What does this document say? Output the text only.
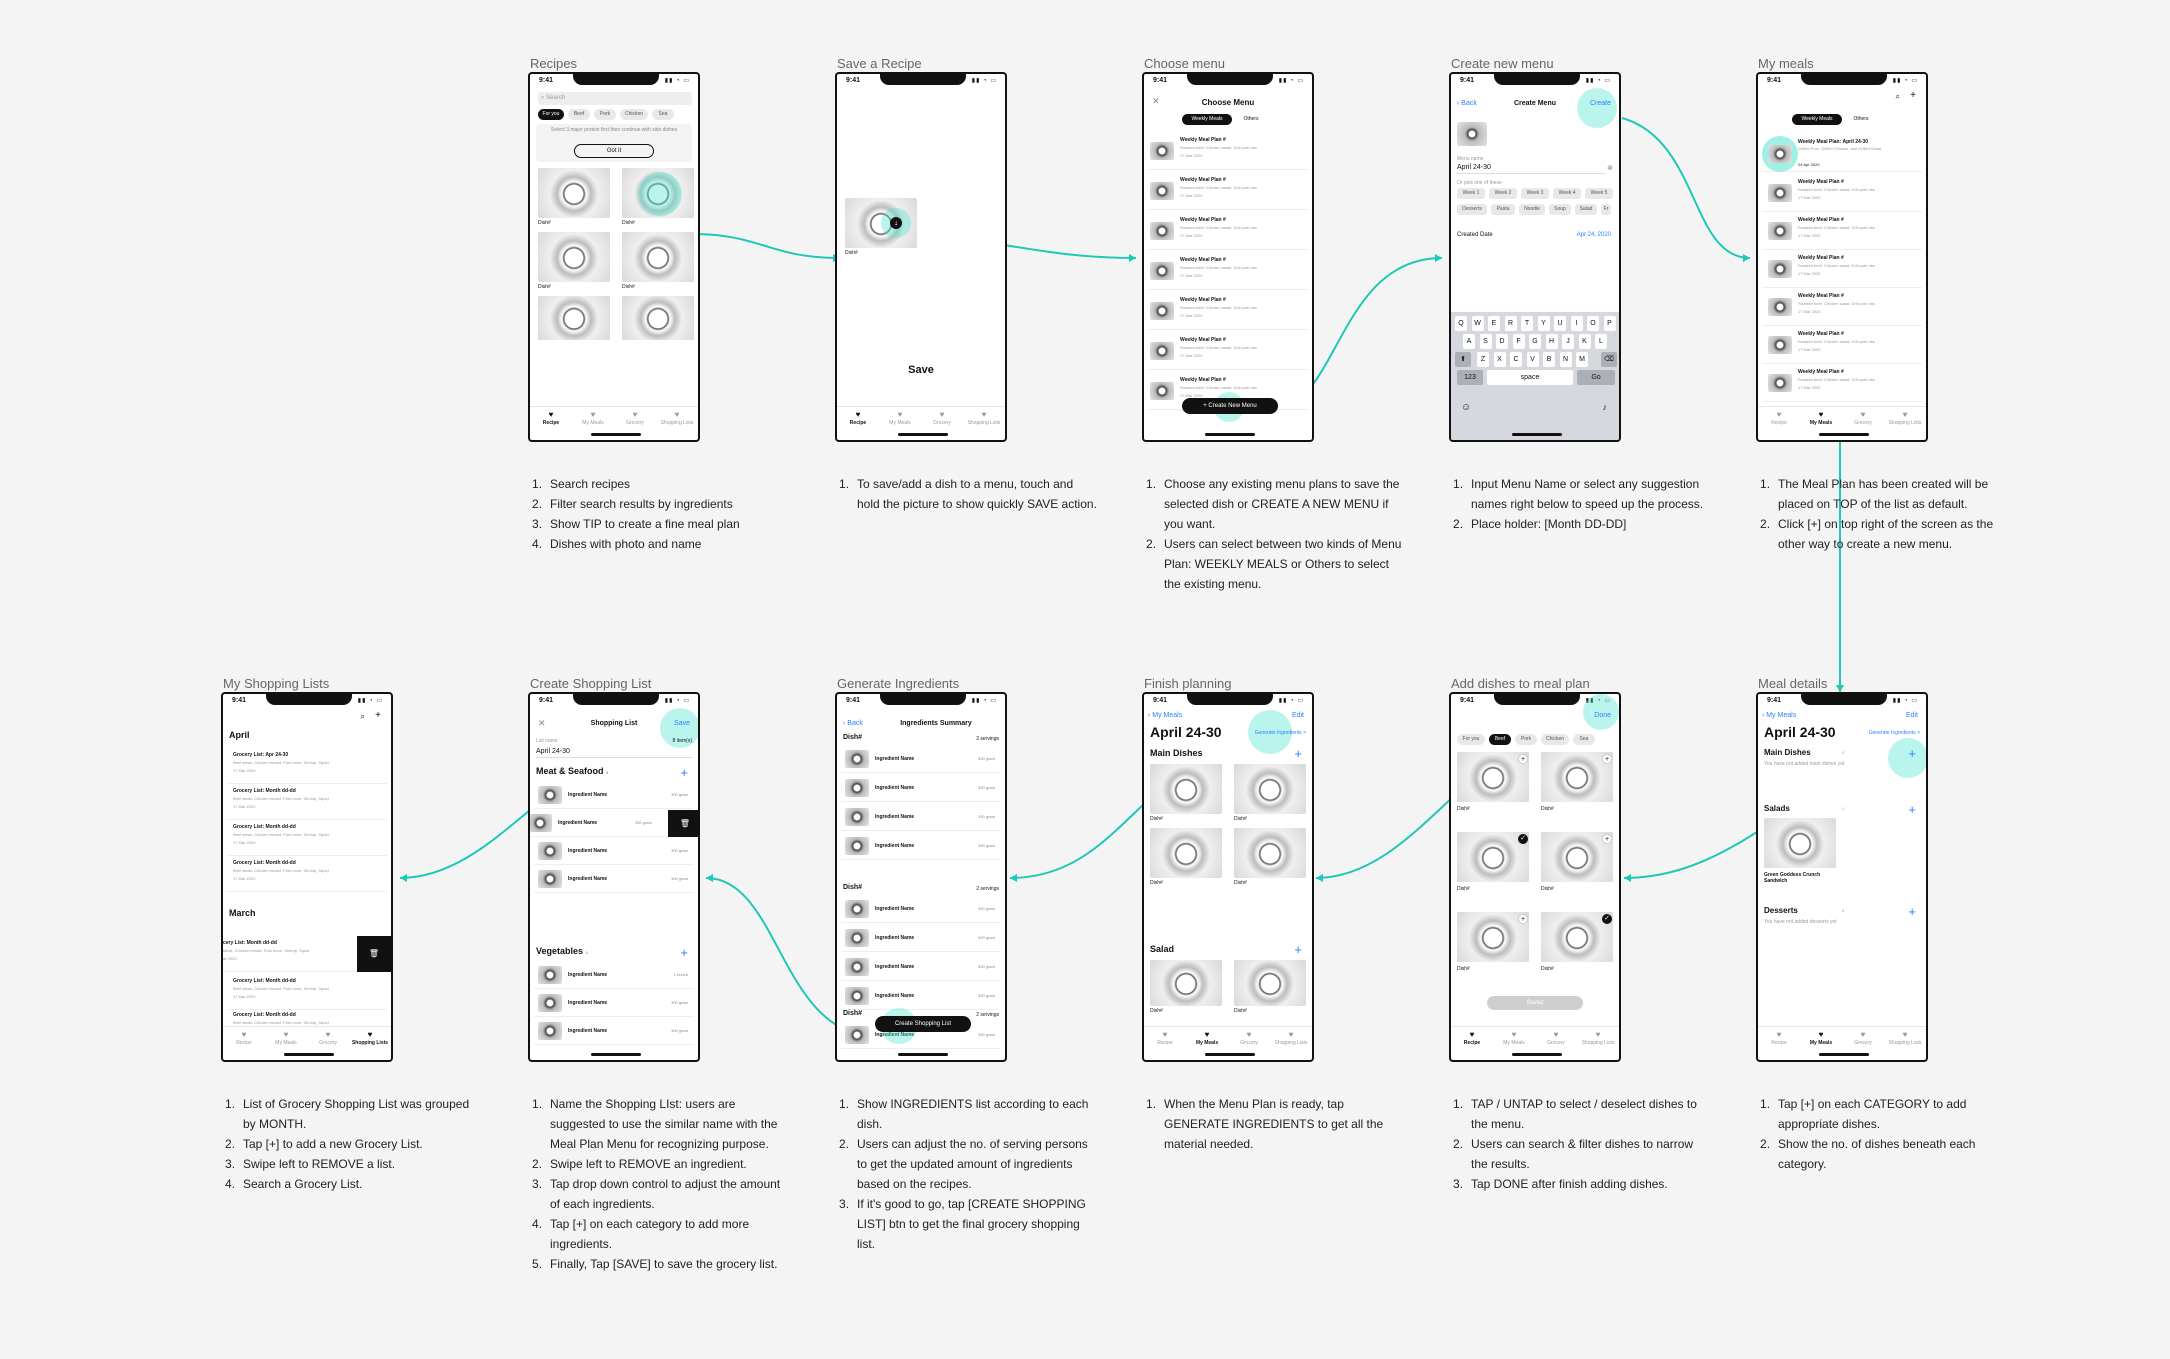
Recipes
9:41	▮▮ ◔ ▭
⌕ Search
For you	Beef	Pork	Chicken	Sea
Select 3 major protein first then continue with side dishes
Got it
Dish#	Dish#
Dish#	Dish#
♥
Recipe
♥
My Meals
♥
Grocery
♥
Shopping Lists
Search recipes
Filter search results by ingredients
Show TIP to create a fine meal plan
Dishes with photo and name
Save a Recipe
9:41	▮▮ ◔ ▭
↓
Dish#
Save
♥
Recipe
♥
My Meals
♥
Grocery
♥
Shopping Lists
To save/add a dish to a menu, touch and hold the picture to show quickly SAVE action.
Choose menu
9:41	▮▮ ◔ ▭
✕	Choose Menu
Weekly Meals	Others
Weekly Meal Plan #
Roasted beef, Chicken salad, Grill pork ribs
17 Mar 2020
Weekly Meal Plan #
Roasted beef, Chicken salad, Grill pork ribs
17 Mar 2020
Weekly Meal Plan #
Roasted beef, Chicken salad, Grill pork ribs
17 Mar 2020
Weekly Meal Plan #
Roasted beef, Chicken salad, Grill pork ribs
17 Mar 2020
Weekly Meal Plan #
Roasted beef, Chicken salad, Grill pork ribs
17 Mar 2020
Weekly Meal Plan #
Roasted beef, Chicken salad, Grill pork ribs
17 Mar 2020
Weekly Meal Plan #
Roasted beef, Chicken salad, Grill pork ribs
17 Mar 2020
+ Create New Menu
Choose any existing menu plans to save the selected dish or CREATE A NEW MENU if you want.
Users can select between two kinds of Menu Plan: WEEKLY MEALS or Others to select the existing menu.
Create new menu
9:41	▮▮ ◔ ▭
‹ Back	Create Menu	Create
Menu name
April 24-30	⊗
Or pick one of these
Week 1	Week 2	Week 3	Week 4	Week 5
Desserts	Pasta	Noodle	Soup	Salad	Fr
Created Date	Apr 24, 2020
Q	W	E	R	T	Y	U	I	O	P
A	S	D	F	G	H	J	K	L
Z	X	C	V	B	N	M
123	space	Go
⬆	⌫
☺	♪
Input Menu Name or select any suggestion names right below to speed up the process.
Place holder: [Month DD-DD]
My meals
9:41	▮▮ ◔ ▭
⌕ +
Weekly Meals	Others
Weekly Meal Plan: April 24-30
Grilled Pork, Grilled Chicken, and Grilled Salad
24 Apr 2020
Weekly Meal Plan #
Roasted beef, Chicken salad, Grill pork ribs
17 Mar 2020
Weekly Meal Plan #
Roasted beef, Chicken salad, Grill pork ribs
17 Mar 2020
Weekly Meal Plan #
Roasted beef, Chicken salad, Grill pork ribs
17 Mar 2020
Weekly Meal Plan #
Roasted beef, Chicken salad, Grill pork ribs
17 Mar 2020
Weekly Meal Plan #
Roasted beef, Chicken salad, Grill pork ribs
17 Mar 2020
Weekly Meal Plan #
Roasted beef, Chicken salad, Grill pork ribs
17 Mar 2020
♥
Recipe
♥
My Meals
♥
Grocery
♥
Shopping Lists
The Meal Plan has been created will be placed on TOP of the list as default.
Click [+] on top right of the screen as the other way to create a new menu.
My Shopping Lists
9:41	▮▮ ◔ ▭
⌕ +
April
Grocery List: Apr 24-30
Beef steak, Chicken breast, Pork bone, Shrimp, Squid
17 Mar 2020
Grocery List: Month dd-dd
Beef steak, Chicken breast, Pork bone, Shrimp, Squid
17 Mar 2020
Grocery List: Month dd-dd
Beef steak, Chicken breast, Pork bone, Shrimp, Squid
17 Mar 2020
Grocery List: Month dd-dd
Beef steak, Chicken breast, Pork bone, Shrimp, Squid
17 Mar 2020
March
cery List: Month dd-dd
steak, Chicken breast, Pork bone, Shrimp, Squid
ar 2020
🗑
Grocery List: Month dd-dd
Beef steak, Chicken breast, Pork bone, Shrimp, Squid
17 Mar 2020
Grocery List: Month dd-dd
Beef steak, Chicken breast, Pork bone, Shrimp, Squid
♥
Recipe
♥
My Meals
♥
Grocery
♥
Shopping Lists
List of Grocery Shopping List was grouped by MONTH.
Tap [+] to add a new Grocery List.
Swipe left to REMOVE a list.
Search a Grocery List.
Create Shopping List
9:41	▮▮ ◔ ▭
✕	Shopping List	Save
List name	8 item(s)
April 24-30
Meat & Seafood 4	+
Ingredient Name	300 gram
Ingredient Name	300 gram	🗑
Ingredient Name	300 gram
Ingredient Name	300 gram
Vegetables 2	+
Ingredient Name	1 bunch
Ingredient Name	300 gram
Ingredient Name	300 gram
Name the Shopping LIst: users are suggested to use the similar name with the Meal Plan Menu for recognizing purpose.
Swipe left to REMOVE an ingredient.
Tap drop down control to adjust the amount of each ingredients.
Tap [+] on each category to add more ingredients.
Finally, Tap [SAVE] to save the grocery list.
Generate Ingredients
9:41	▮▮ ◔ ▭
‹ Back	Ingredients Summary
Dish#	2 servings
Ingredient Name	300 gram
Ingredient Name	300 gram
Ingredient Name	300 gram
Ingredient Name	300 gram
Dish#	2 servings
Ingredient Name	300 gram
Ingredient Name	300 gram
Ingredient Name	300 gram
Ingredient Name	300 gram
Dish#	2 servings
Ingredient Name	300 gram
Create Shopping List
Show INGREDIENTS list according to each dish.
Users can adjust the no. of serving persons to get the updated amount of ingredients based on the recipes.
If it's good to go, tap [CREATE SHOPPING LIST] btn to get the final grocery shopping list.
Finish planning
9:41	▮▮ ◔ ▭
‹ My Meals	Edit
April 24-30	Generate Ingredients >
Main Dishes	+
Dish#	Dish#
Dish#	Dish#
Salad	+
Dish#	Dish#
♥
Recipe
♥
My Meals
♥
Grocery
♥
Shopping Lists
When the Menu Plan is ready, tap GENERATE INGREDIENTS to get all the material needed.
Add dishes to meal plan
9:41	▮▮ ◔ ▭
Done
For you	Beef	Pork	Chicken	Sea
+
Dish#
+
Dish#
✓
Dish#
+
Dish#
+
Dish#
✓
Dish#
Saved
♥
Recipe
♥
My Meals
♥
Grocery
♥
Shopping Lists
TAP / UNTAP to select / deselect dishes to the menu.
Users can search & filter dishes to narrow the results.
Tap DONE after finish adding dishes.
Meal details
9:41	▮▮ ◔ ▭
‹ My Meals	Edit
April 24-30	Generate Ingredients >
Main Dishes	0	+
You have not added main dishes yet
Salads	1	+
Green Goddess Crunch Sandwich
Desserts	0	+
You have not added desserts yet
♥
Recipe
♥
My Meals
♥
Grocery
♥
Shopping Lists
Tap [+] on each CATEGORY to add appropriate dishes.
Show the no. of dishes beneath each category.
